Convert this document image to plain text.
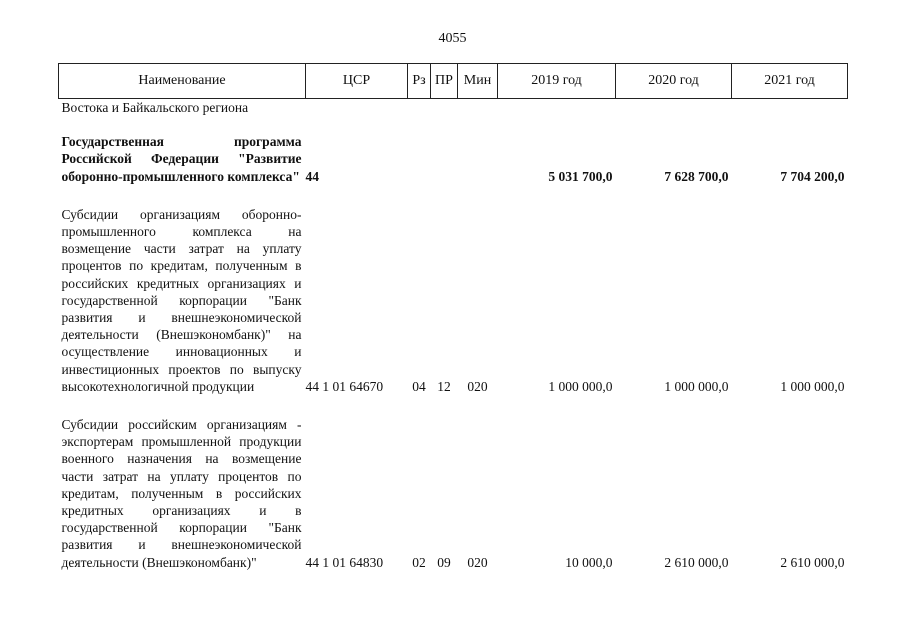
4055
Наименование	ЦСР	Рз	ПР	Мин	2019 год	2020 год	2021 год
Востока и Байкальского региона							

Государственная программа Российской Федерации "Развитие оборонно-промышленного комплекса"	44				5 031 700,0	7 628 700,0	7 704 200,0

Субсидии организациям оборонно-промышленного комплекса на возмещение части затрат на уплату процентов по кредитам, полученным в российских кредитных организациях и государственной корпорации "Банк развития и внешнеэкономической деятельности (Внешэкономбанк)" на осуществление инновационных и инвестиционных проектов по выпуску высокотехнологичной продукции	44 1 01 64670	04	12	020	1 000 000,0	1 000 000,0	1 000 000,0

Субсидии российским организациям - экспортерам промышленной продукции военного назначения на возмещение части затрат на уплату процентов по кредитам, полученным в российских кредитных организациях и в государственной корпорации "Банк развития и внешнеэкономической деятельности (Внешэкономбанк)"	44 1 01 64830	02	09	020	10 000,0	2 610 000,0	2 610 000,0
